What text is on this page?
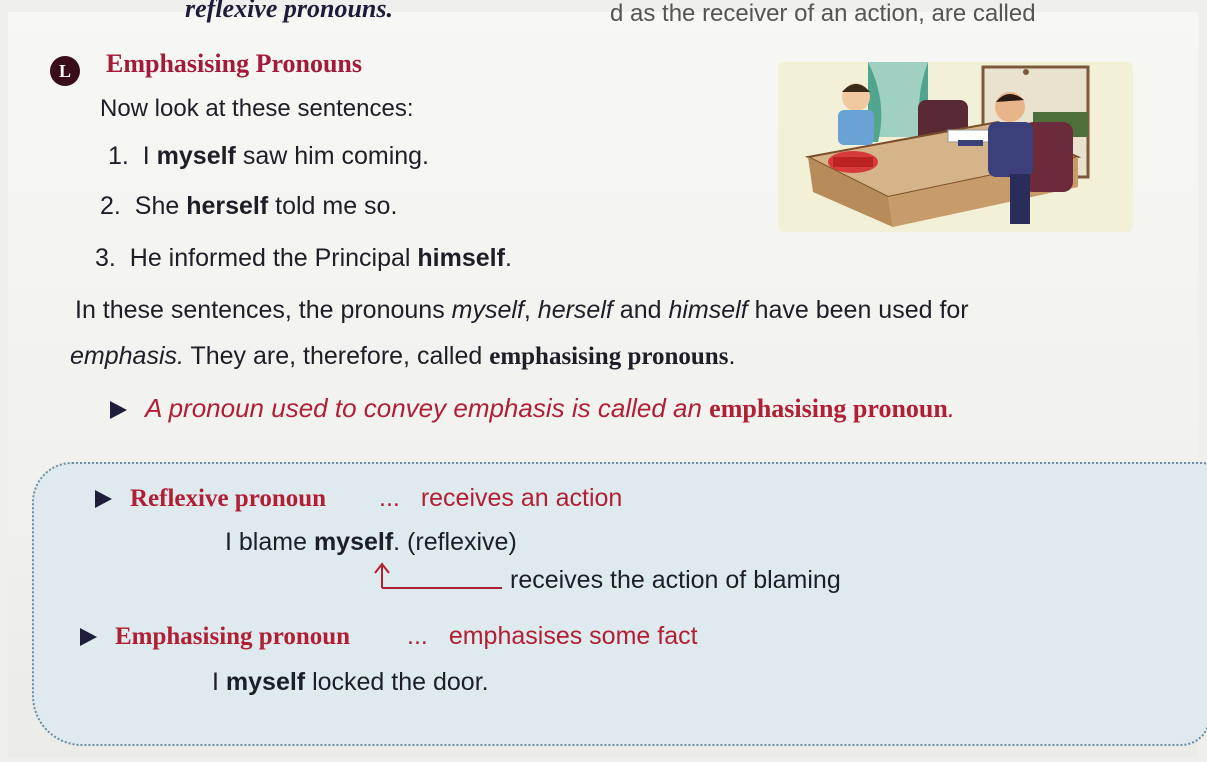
reflexive pronouns.	d as the receiver of an action, are called
L	Emphasising Pronouns
Now look at these sentences:
1. I myself saw him coming.
2. She herself told me so.
3. He informed the Principal himself.
In these sentences, the pronouns myself, herself and himself have been used for
emphasis. They are, therefore, called emphasising pronouns.
A pronoun used to convey emphasis is called an emphasising pronoun.
Reflexive pronoun ... receives an action
I blame myself. (reflexive)
receives the action of blaming
Emphasising pronoun ... emphasises some fact
I myself locked the door.
